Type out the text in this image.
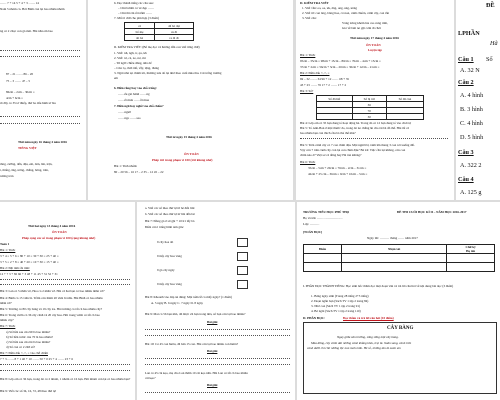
…… 7 + 14 5 + 4 + 3 …… 14
Nam 5 nhóm có. Hỏi Bình còn lại bao nhiêu nhóm
ng có 2 chục con gà mái. Hỏi nhà em bao
87 – 21 …… 86 – 20
75 – 3 …… 47 – 5
86cm – 2cm – 30cm =
4cm + 6cm =
ới đây có 35 tờ thiếp, thứ ba dấu hình tờ bìa
Thứ năm ngày 16 tháng 4 năm 2016
TIẾNG VIỆT
răng, cưỡng, đến, đậu, em, đón, lên, trận,
t, thống, ăng, ương, chẳng, bông, trên,
rường tràn
6. Đọc thành tiếng các câu sau:
– Chú bướm có vẻ đẹp ……
– Chú thỏ ăn rồi nắm ……
7. Mối tỉ chữ cho phù hợp (3 điểm)
cá	dế bò đại
bố mẹ	cu đi
đò bá	ra đi đi
II. KIỂM TRA VIẾT: (Bố mẹ đọc và hướng dẫn con viết từng chữ)
1. Viết: nh, ngh, tr, qu, kh
2. Viết: tư, cá, xe, nơ, mi
– Từ ngữ: chiều đông, nhà dế
– Câu: lọ, thời tiết, vẫy, tặng, tháng
3. Ngôi nhà tại chính tôi, thường xưa đổ lại nhớ theo cuối mùa thu. Cái trống trường
em
6. Điền rằng bay vào chỗ trống:
……ếu gió hành ……ng
……ết mưa ……ỗi mua
7. Điền ngũ hay nghề vào chỗ chấm?
……ngườ
……ngo ……sao
Thứ tư ngày 15 tháng 4 năm 2016
ÔN TOÁN
Phép trừ trong phạm vi 100 (trừ không nhớ)
Bài 1: Tính nhẩm:
80 – 20 56 – 16 17 – 2 35 – 12 45 – 22
II. KIỂM TRA VIẾT
1. Viết vần: oa, oe, ưu, êng, ong, ung, uông
2. Viết từ: con ông, bông hoa, cỏ non, cánh chuồn, cành cây, con rắn
3. Viết câu:
Vàng trông khóm lúa cao rung rinh,
Gió về làm nó gặt cơm đi chơi
Thứ năm ngày 17 tháng 4 năm 2016
ÔN TOÁN
Luyện tập
Bài 1: Tính:
95cm – 35cm = 98cm + 15cm – 80cm = 76cm – 4cm + 15cm =
37cm + 2cm = 56cm + 3cm – 20cm = 30cm + 12cm – 21cm =
Bài 2: Điền dấu <, >, =
69 – 32 …… 34 96 + 12 …… 68 + 35
43 + 23 …… 76 17 + 2 …… 17 + 2
Bài 3: Số?
Số đã hết	Số bị trừ	Số đã còn
	36	
	70	
	30	
Bài 4: Lớp em có 35 bạn đang tổ hoạt động hè. Trong đó có 12 bạn đang tổ vào chơi tự
Bài 5: Tổ Anh-Ban ở một thước đo, trong đó nó chẳng ăn cho tài bả đồ thế. Hỏi tất cả
bao nhiêu bạn còn thích cầu bá thể thế nhé?
Bài 5: Trên cành cây có 7 con chim đậu. Một người bị cánh lên thang 3 con rơi xuống đất.
Vậy còn 7 trên cành cây còn lại con chim đậu? Bà trả: Việc cần lại không, còn con
chim nào ở? Việt sơ cả đồng hay Hà trai không?
Bài 6: Tính:
35cm – 5cm + 20cm = 76cm – 2cm – 31cm =
42cm + 25 cm – 36cm = 9cm + 10cm – 5cm =
ĐỀ
LPHẦN
Hã
Câu 1 Số
A. 32 N
Câu 2
A. 4 hình
B. 3 hình
C. 4 hình
D. 5 hình
Câu 3
A. 322 2
Câu 4
A. 125 g
Thứ hai ngày 13 tháng 4 năm 2016
ÔN TOÁN
Phép cộng các số trong phạm vi 100 (cộng không nhớ)
Toán 1
Bài 1: Tính:
3 + 4 = 5 + 6 = 80 + 10 = 30 + 30 = 25 + 40 =
3 + 5 = 2 + 8 = 40 + 20 = 10 + 30 = 15 + 40 =
Bài 2: Đặt tính rồi tính:
12 + 7 3 + 82 66 + 3 48 + 11 45 + 31 52 + 31
Bài 3: Lan có 5 nhãn vở, Hoa có 2 nhãn vở. Hỏi cả hai bạn có bao nhiêu nhãn vở?
Bài 4: Bình có 15 viên bi. Trầm còn thêm 20 viên bi nữa. Hỏi Bình có bao nhiêu
nhãn vở?
Bài 5: Trường có 80 cây bàng và 19 cây tre. Hỏi trường có tất cả bao nhiêu cây?
Bài 6: Trong vườn có 36 cây cảnh và 20 cây hoa. Hỏi trong vườn có tất cả bao
nhiêu cây?
Bài 7: Tính:
a) Số liền sau của 99 là bao nhiêu?
b) Số liền trước của 70 là bao nhiêu?
c) Số liền sau của 64 là bao nhiêu?
d) Số còn có 2 chữ số?
Bài 7: Điền dấu <, >, = vào chỗ chấm
7 + 3 …… 8 + 1 40 + 10 …… 50 + 0 25 + 4 …… 23 + 6
Bài 8: Lớp em có 36 bạn, trong đó có 2 nhóm, 1 nhóm có 16 bạn. Hỏi nhóm còn lại có bao nhiêu bạn?
Bài 9: Viết các số 34, 16, 72, 48 theo thứ tự:
a. Viết các số theo thứ tự từ bé đến lớn:
b. Viết các số theo thứ tự từ lớn đến bé:
Bài 7: Đồng gà ở sở gặt + 10/21 lấy bà
Điền cái ô trống hình tam giác
9 cây hoa đỏ
9 tiếp cây hoa vàng
9 gà cây ngày
9 tiếp cây hoa vàng
Bài 8: Khoanh vào đáp án đúng: Một tuần lễ có mấy ngày? (1 điểm)
A. 5 ngày B. 6 ngày C. 7 ngày D. 8 ngày
Bài 9: Mai có 56 bạn nhỏ, đã được 24 bạn trong nhà, số bạn còn lại bao nhiêu?
Bài giải
Bài 10: Có 45 con hươu, đã bán 15 con. Hỏi còn lại bao nhiêu con hươu?
Bài giải
Lan có 45 cái kẹo, mẹ cho Lan thêm 10 cái kẹo nữa. Hỏi Lan có tất cả bao nhiêu
cái kẹo?
Bài giải
TRƯỜNG TIỂU HỌC PHÚ THỌ
Họ và tên: ……………………
Lớp: ………
ĐỀ THI CUỐI HỌC KÌ II – NĂM HỌC 2016-2017
[TOÁN ĐỌC]
Ngày thi: ……… tháng …… năm 2017
Điểm	Nhận xét	Chữ ký
Họ tên

I. PHẦN ĐỌC THÀNH TIẾNG: Học sinh bốc thăm đọc một đoạn văn và trả lời câu hỏi về nội dung bài đọc (3 điểm)
1. Bảng ngày sinh (Trang 28 tiếng 2+3 tiếng)
2. Đoạn ngắn bạn (Sách TV 1 tập 2 trang 84)
3. Nhớ con (Sách TV 1 tập 2 trang 91)
4. Bỏ ngôi (Sách TV 1 tập 2 trang 110)
II. PHẦN ĐỌC:	Đọc thầm và trả lời câu hỏi (10 điểm)
CÂY BÀNG
Ngay giữa sân trường, sừng sững một cây bàng.
Mùa đông, cây vươn dài những cành khẳng khiu, trụi lá. Xuân sang, cành trên
cành dưới chi chít những lộc non mơn mởn. Hè về, những tán lá xanh um
